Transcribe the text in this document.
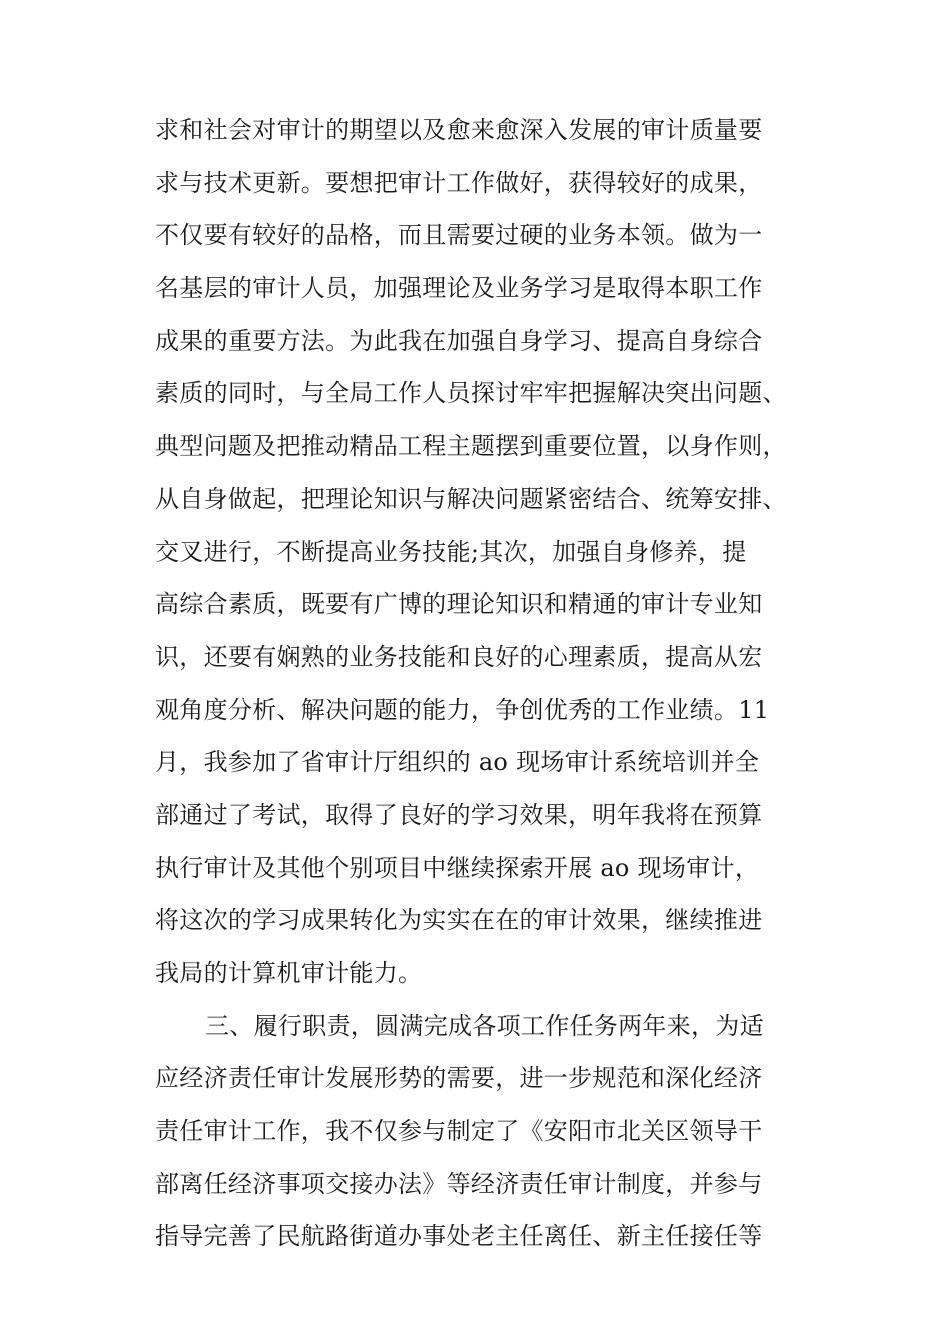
求和社会对审计的期望以及愈来愈深入发展的审计质量要
求与技术更新。要想把审计工作做好，获得较好的成果，
不仅要有较好的品格，而且需要过硬的业务本领。做为一
名基层的审计人员，加强理论及业务学习是取得本职工作
成果的重要方法。为此我在加强自身学习、提高自身综合
素质的同时，与全局工作人员探讨牢牢把握解决突出问题、
典型问题及把推动精品工程主题摆到重要位置，以身作则，
从自身做起，把理论知识与解决问题紧密结合、统筹安排、
交叉进行，不断提高业务技能;其次，加强自身修养，提
高综合素质，既要有广博的理论知识和精通的审计专业知
识，还要有娴熟的业务技能和良好的心理素质，提高从宏
观角度分析、解决问题的能力，争创优秀的工作业绩。11
月，我参加了省审计厅组织的 ao 现场审计系统培训并全
部通过了考试，取得了良好的学习效果，明年我将在预算
执行审计及其他个别项目中继续探索开展 ao 现场审计，
将这次的学习成果转化为实实在在的审计效果，继续推进
我局的计算机审计能力。
三、履行职责，圆满完成各项工作任务两年来，为适
应经济责任审计发展形势的需要，进一步规范和深化经济
责任审计工作，我不仅参与制定了《安阳市北关区领导干
部离任经济事项交接办法》等经济责任审计制度，并参与
指导完善了民航路街道办事处老主任离任、新主任接任等
